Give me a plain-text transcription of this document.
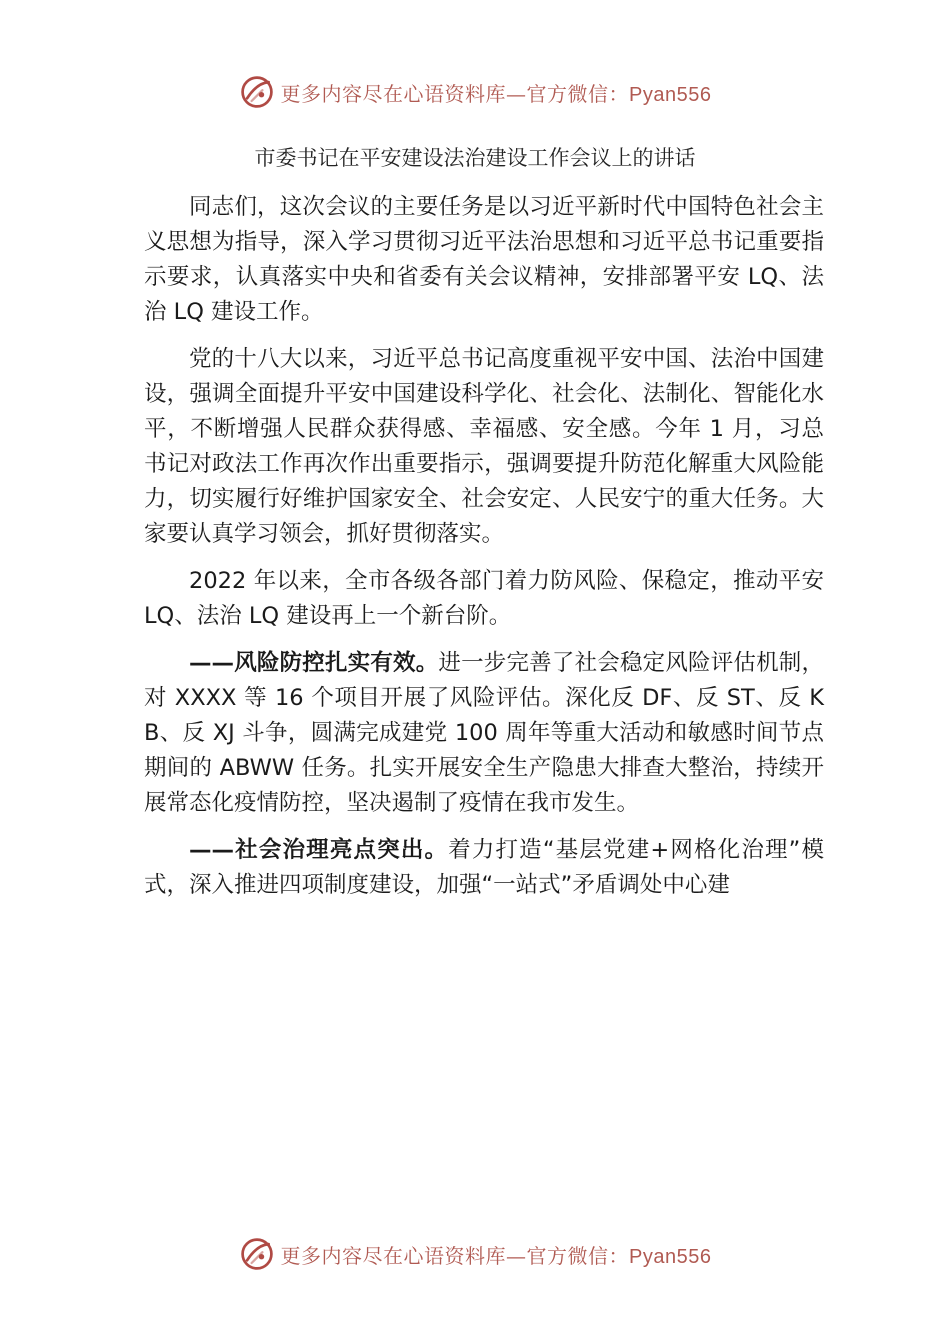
更多内容尽在心语资料库—官方微信：Pyan556
市委书记在平安建设法治建设工作会议上的讲话

同志们，这次会议的主要任务是以习近平新时代中国特色社会主义思想为指导，深入学习贯彻习近平法治思想和习近平总书记重要指示要求，认真落实中央和省委有关会议精神，安排部署平安 LQ、法治 LQ 建设工作。

党的十八大以来，习近平总书记高度重视平安中国、法治中国建设，强调全面提升平安中国建设科学化、社会化、法制化、智能化水平，不断增强人民群众获得感、幸福感、安全感。今年 1 月，习总书记对政法工作再次作出重要指示，强调要提升防范化解重大风险能力，切实履行好维护国家安全、社会安定、人民安宁的重大任务。大家要认真学习领会，抓好贯彻落实。

2022 年以来，全市各级各部门着力防风险、保稳定，推动平安 LQ、法治 LQ 建设再上一个新台阶。

——风险防控扎实有效。进一步完善了社会稳定风险评估机制，对 XXXX 等 16 个项目开展了风险评估。深化反 DF、反 ST、反 KB、反 XJ 斗争，圆满完成建党 100 周年等重大活动和敏感时间节点期间的 ABWW 任务。扎实开展安全生产隐患大排查大整治，持续开展常态化疫情防控，坚决遏制了疫情在我市发生。

——社会治理亮点突出。着力打造“基层党建+网格化治理”模式，深入推进四项制度建设，加强“一站式”矛盾调处中心建

更多内容尽在心语资料库—官方微信：Pyan556
